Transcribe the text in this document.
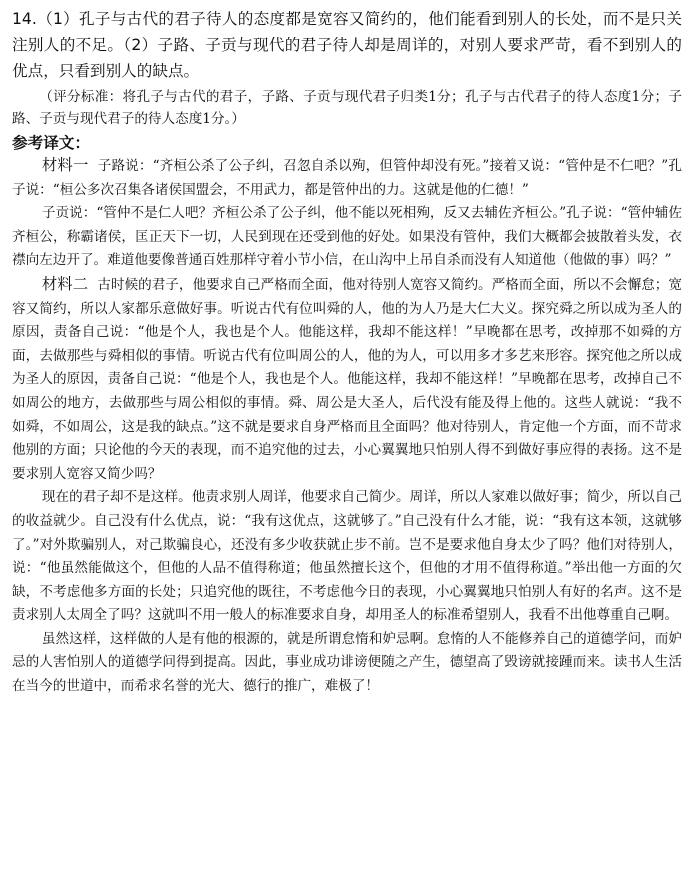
14.（1）孔子与古代的君子待人的态度都是宽容又简约的，他们能看到别人的长处，而不是只关注别人的不足。（2）子路、子贡与现代的君子待人却是周详的，对别人要求严苛，看不到别人的优点，只看到别人的缺点。

（评分标准：将孔子与古代的君子，子路、子贡与现代君子归类1分；孔子与古代君子的待人态度1分；子路、子贡与现代君子的待人态度1分。）

参考译文：

材料一 子路说：“齐桓公杀了公子纠，召忽自杀以殉，但管仲却没有死。”接着又说：“管仲是不仁吧？”孔子说：“桓公多次召集各诸侯国盟会，不用武力，都是管仲出的力。这就是他的仁德！”

子贡说：“管仲不是仁人吧？齐桓公杀了公子纠，他不能以死相殉，反又去辅佐齐桓公。”孔子说：“管仲辅佐齐桓公，称霸诸侯，匡正天下一切，人民到现在还受到他的好处。如果没有管仲，我们大概都会披散着头发，衣襟向左边开了。难道他要像普通百姓那样守着小节小信，在山沟中上吊自杀而没有人知道他（他做的事）吗？”

材料二 古时候的君子，他要求自己严格而全面，他对待别人宽容又简约。严格而全面，所以不会懈怠；宽容又简约，所以人家都乐意做好事。听说古代有位叫舜的人，他的为人乃是大仁大义。探究舜之所以成为圣人的原因，责备自己说：“他是个人，我也是个人。他能这样，我却不能这样！”早晚都在思考，改掉那不如舜的方面，去做那些与舜相似的事情。听说古代有位叫周公的人，他的为人，可以用多才多艺来形容。探究他之所以成为圣人的原因，责备自己说：“他是个人，我也是个人。他能这样，我却不能这样！”早晚都在思考，改掉自己不如周公的地方，去做那些与周公相似的事情。舜、周公是大圣人，后代没有能及得上他的。这些人就说：“我不如舜，不如周公，这是我的缺点。”这不就是要求自身严格而且全面吗？他对待别人，肯定他一个方面，而不苛求他别的方面；只论他的今天的表现，而不追究他的过去，小心翼翼地只怕别人得不到做好事应得的表扬。这不是要求别人宽容又简少吗？

现在的君子却不是这样。他责求别人周详，他要求自己简少。周详，所以人家难以做好事；简少，所以自己的收益就少。自己没有什么优点，说：“我有这优点，这就够了。”自己没有什么才能，说：“我有这本领，这就够了。”对外欺骗别人，对己欺骗良心，还没有多少收获就止步不前。岂不是要求他自身太少了吗？他们对待别人，说：“他虽然能做这个，但他的人品不值得称道；他虽然擅长这个，但他的才用不值得称道。”举出他一方面的欠缺，不考虑他多方面的长处；只追究他的既往，不考虑他今日的表现，小心翼翼地只怕别人有好的名声。这不是责求别人太周全了吗？这就叫不用一般人的标准要求自身，却用圣人的标准希望别人，我看不出他尊重自己啊。

虽然这样，这样做的人是有他的根源的，就是所谓怠惰和妒忌啊。怠惰的人不能修养自己的道德学问，而妒忌的人害怕别人的道德学问得到提高。因此，事业成功诽谤便随之产生，德望高了毁谤就接踵而来。读书人生活在当今的世道中，而希求名誉的光大、德行的推广，难极了！
